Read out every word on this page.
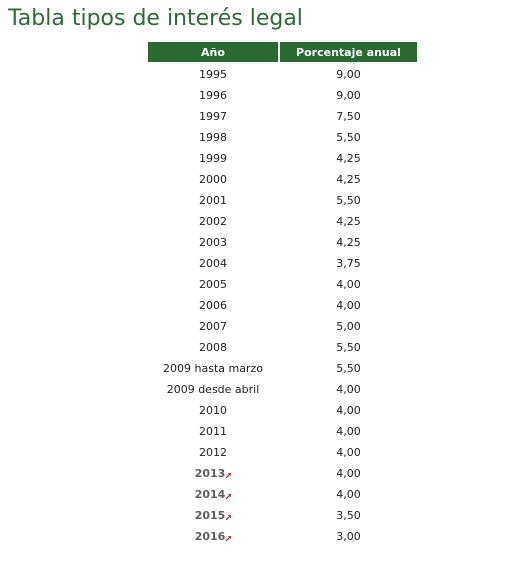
Tabla tipos de interés legal
Año	Porcentaje anual
1995	9,00
1996	9,00
1997	7,50
1998	5,50
1999	4,25
2000	4,25
2001	5,50
2002	4,25
2003	4,25
2004	3,75
2005	4,00
2006	4,00
2007	5,00
2008	5,50
2009 hasta marzo	5,50
2009 desde abril	4,00
2010	4,00
2011	4,00
2012	4,00
2013	4,00
2014	4,00
2015	3,50
2016	3,00
